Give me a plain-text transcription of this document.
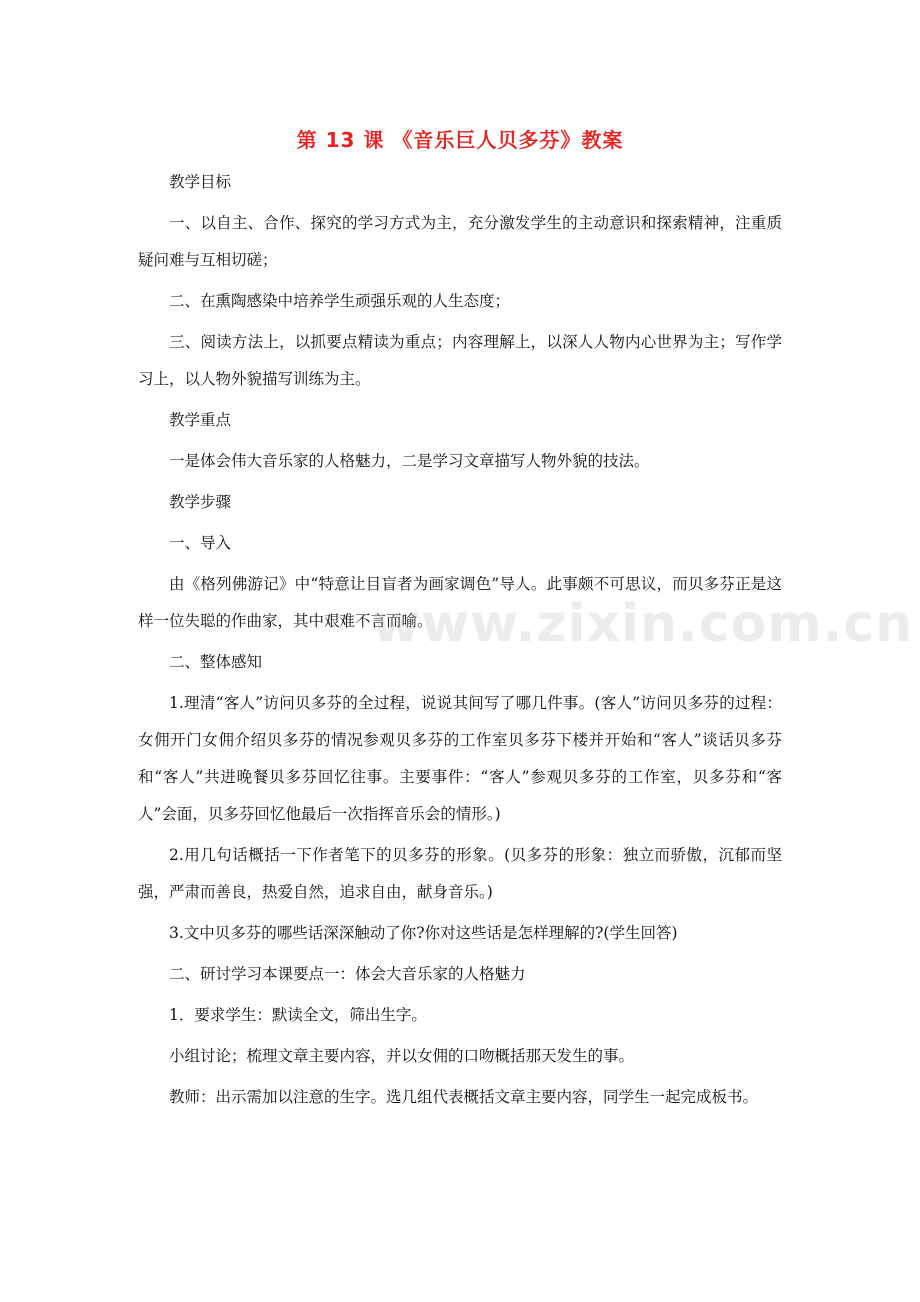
第 13 课 《音乐巨人贝多芬》教案

教学目标

一、以自主、合作、探究的学习方式为主，充分激发学生的主动意识和探索精神，注重质疑问难与互相切磋；

二、在熏陶感染中培养学生顽强乐观的人生态度；

三、阅读方法上，以抓要点精读为重点；内容理解上，以深人人物内心世界为主；写作学习上，以人物外貌描写训练为主。

教学重点

一是体会伟大音乐家的人格魅力，二是学习文章描写人物外貌的技法。

教学步骤

一、导入

由《格列佛游记》中“特意让目盲者为画家调色”导人。此事颇不可思议，而贝多芬正是这样一位失聪的作曲家，其中艰难不言而喻。

二、整体感知

1.理清“客人”访问贝多芬的全过程，说说其间写了哪几件事。(客人”访问贝多芬的过程：女佣开门女佣介绍贝多芬的情况参观贝多芬的工作室贝多芬下楼并开始和“客人”谈话贝多芬和“客人”共进晚餐贝多芬回忆往事。主要事件：“客人”参观贝多芬的工作室，贝多芬和“客人”会面，贝多芬回忆他最后一次指挥音乐会的情形。)

2.用几句话概括一下作者笔下的贝多芬的形象。(贝多芬的形象：独立而骄傲，沉郁而坚强，严肃而善良，热爱自然，追求自由，献身音乐。)

3.文中贝多芬的哪些话深深触动了你?你对这些话是怎样理解的?(学生回答)

二、研讨学习本课要点一：体会大音乐家的人格魅力

1．要求学生：默读全文，筛出生字。

小组讨论；梳理文章主要内容，并以女佣的口吻概括那天发生的事。

教师：出示需加以注意的生字。选几组代表概括文章主要内容，同学生一起完成板书。

www.zixin.com.cn
